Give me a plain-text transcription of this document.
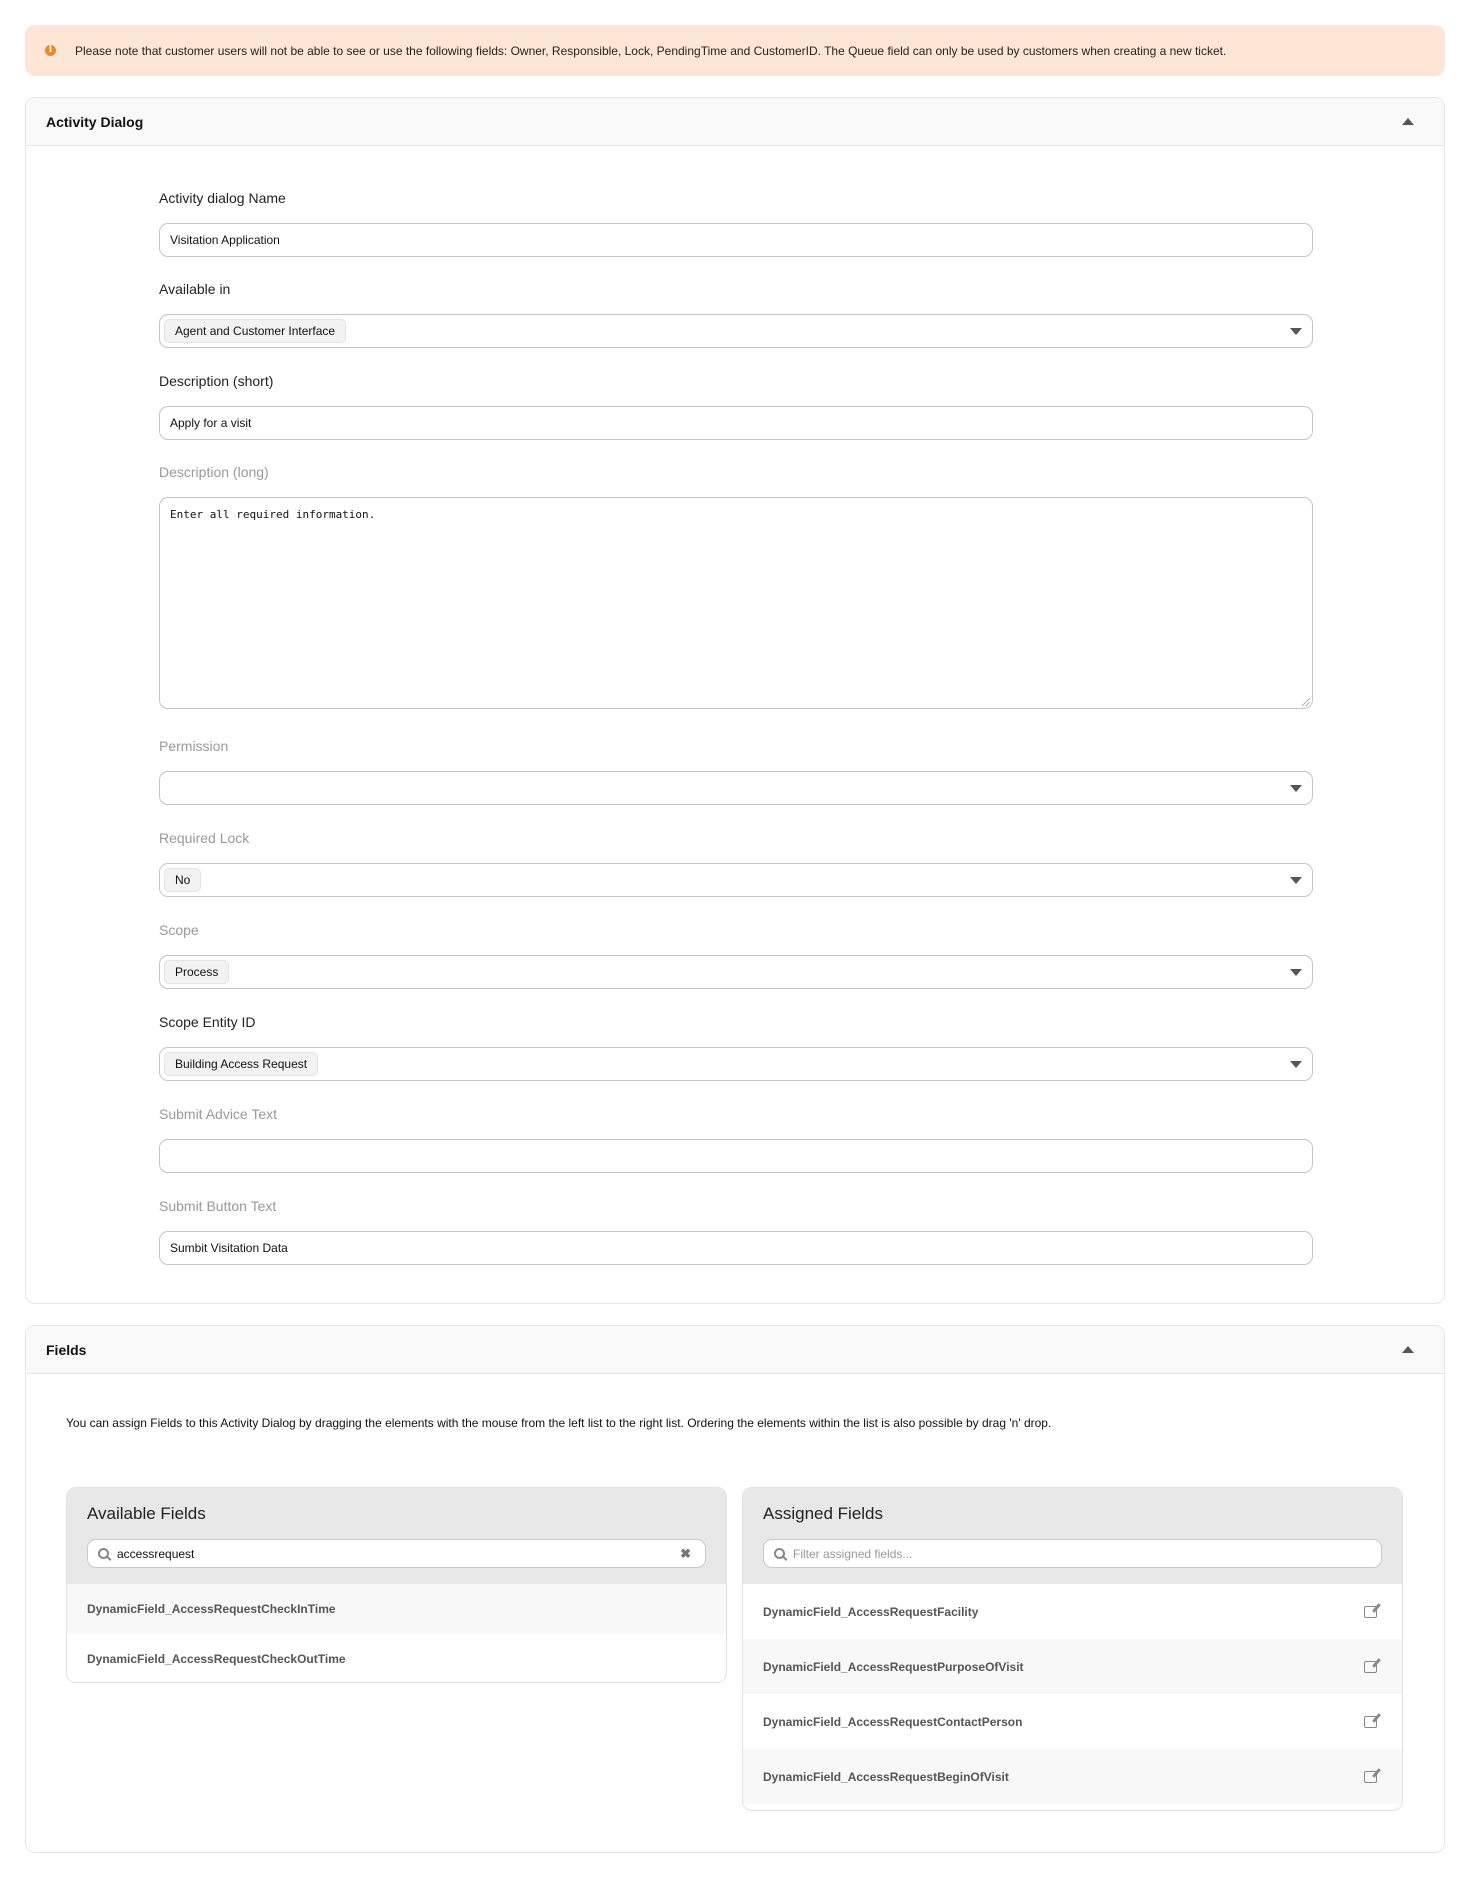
i	Please note that customer users will not be able to see or use the following fields: Owner, Responsible, Lock, PendingTime and CustomerID. The Queue field can only be used by customers when creating a new ticket.
Activity Dialog
Activity dialog Name
Visitation Application
Available in
Agent and Customer Interface
Description (short)
Apply for a visit
Description (long)
Enter all required information.
Permission
Required Lock
No
Scope
Process
Scope Entity ID
Building Access Request
Submit Advice Text
Submit Button Text
Sumbit Visitation Data
Fields
You can assign Fields to this Activity Dialog by dragging the elements with the mouse from the left list to the right list. Ordering the elements within the list is also possible by drag 'n' drop.
Available Fields
accessrequest	✖
DynamicField_AccessRequestCheckInTime
DynamicField_AccessRequestCheckOutTime
Assigned Fields
Filter assigned fields...
DynamicField_AccessRequestFacility
DynamicField_AccessRequestPurposeOfVisit
DynamicField_AccessRequestContactPerson
DynamicField_AccessRequestBeginOfVisit
